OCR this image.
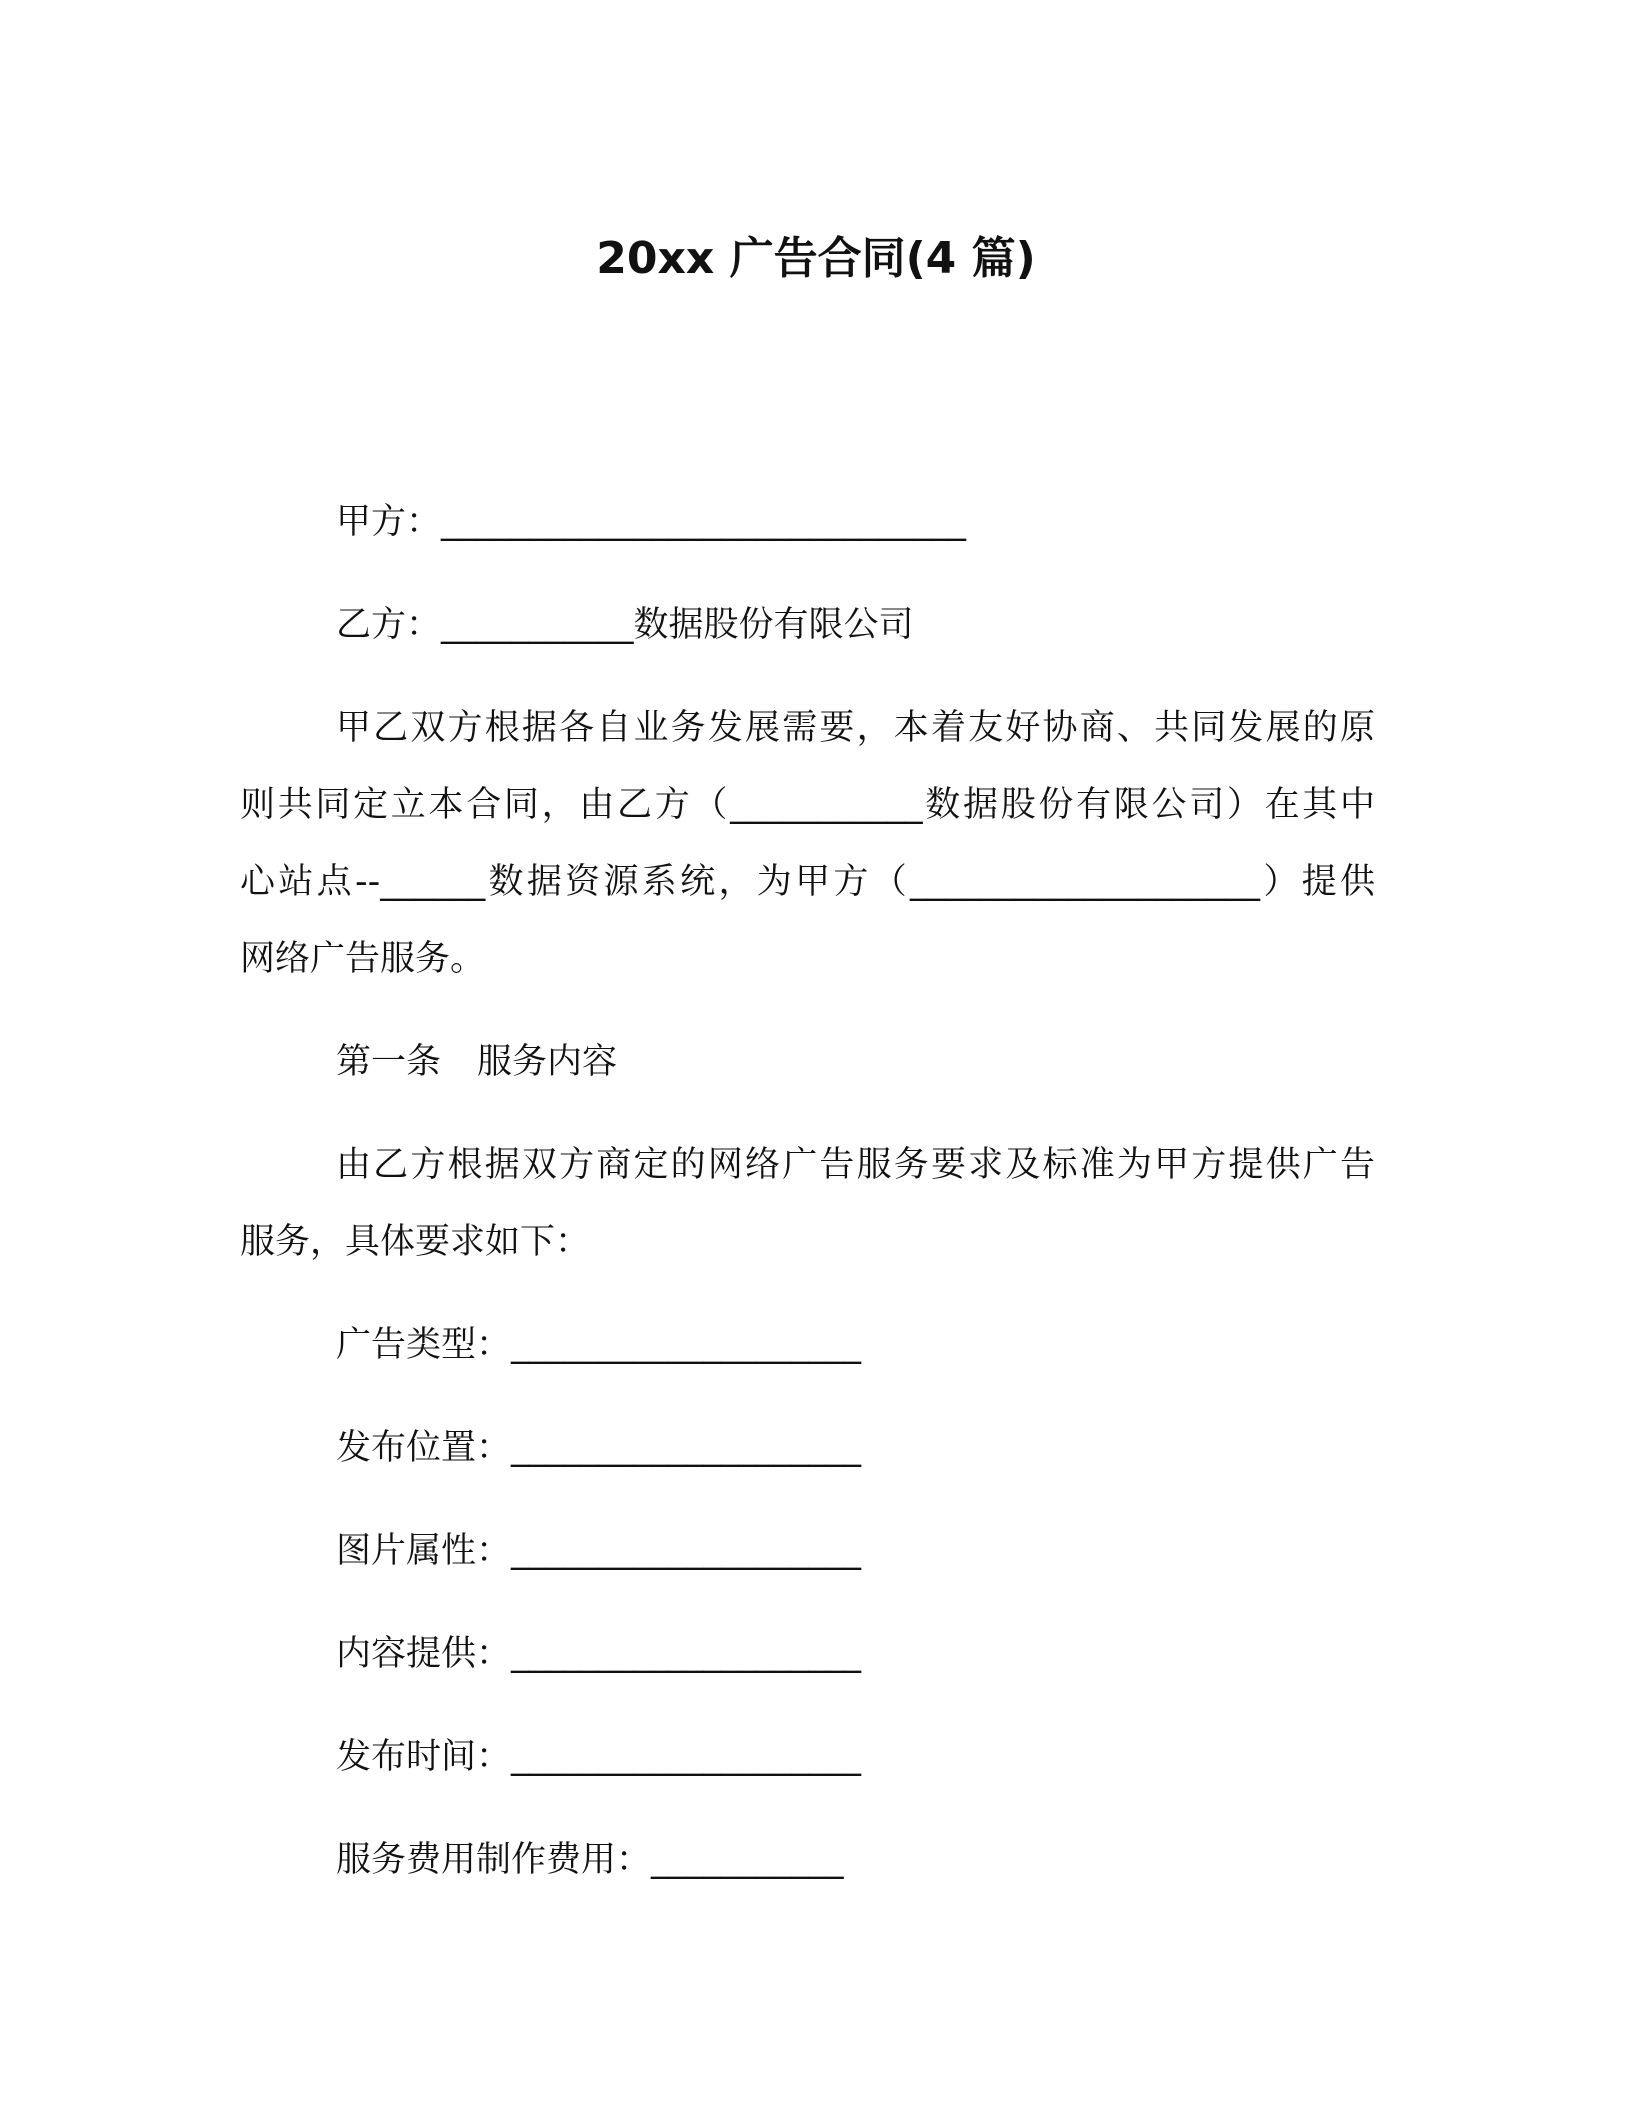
20xx 广告合同(4 篇)

甲方：______________________________

乙方：___________数据股份有限公司

甲乙双方根据各自业务发展需要，本着友好协商、共同发展的原

则共同定立本合同，由乙方（___________数据股份有限公司）在其中

心站点--______数据资源系统，为甲方（____________________）提供

网络广告服务。

第一条 服务内容

由乙方根据双方商定的网络广告服务要求及标准为甲方提供广告

服务，具体要求如下：

广告类型：____________________

发布位置：____________________

图片属性：____________________

内容提供：____________________

发布时间：____________________

服务费用制作费用：___________
